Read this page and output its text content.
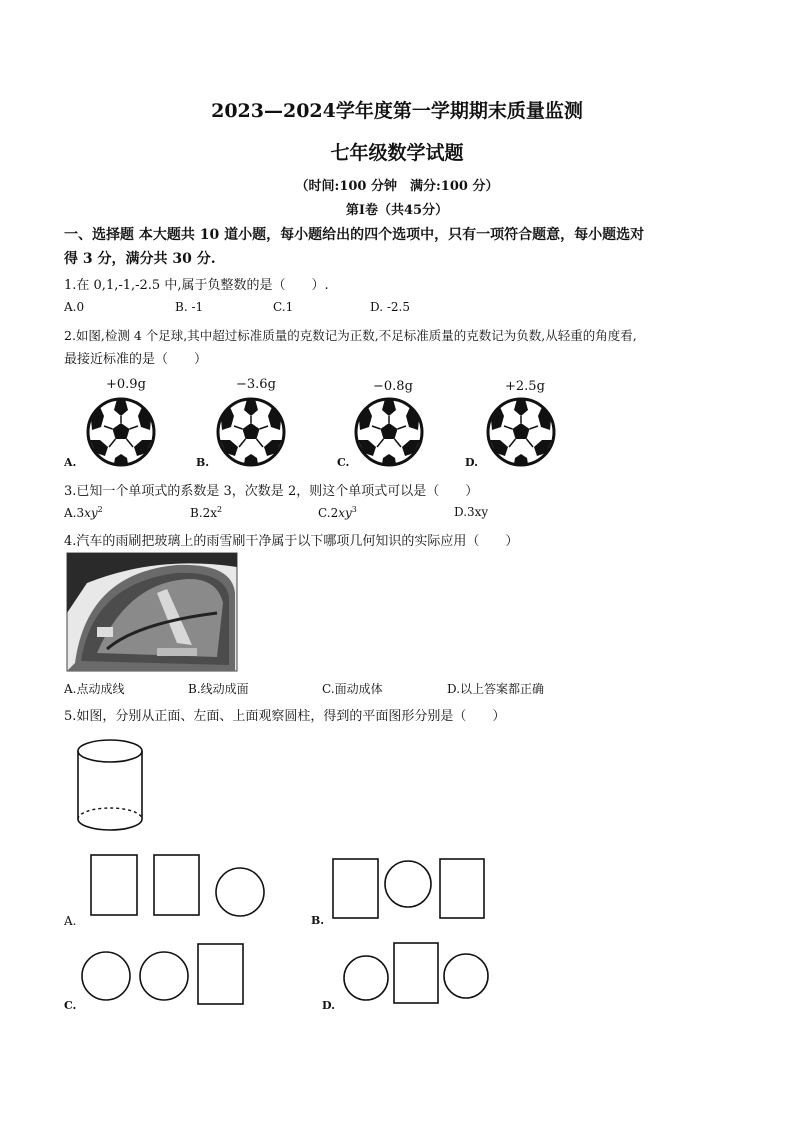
2023—2024学年度第一学期期末质量监测
七年级数学试题
（时间:100 分钟　满分:100 分）
第Ⅰ卷（共45分）
一、选择题 本大题共 10 道小题，每小题给出的四个选项中，只有一项符合题意，每小题选对
得 3 分，满分共 30 分.
1.在 0,1,-1,-2.5 中,属于负整数的是（　　）.
A.0	B. -1	C.1	D. -2.5
2.如图,检测 4 个足球,其中超过标准质量的克数记为正数,不足标准质量的克数记为负数,从轻重的角度看,
最接近标准的是（　　）
+0.9g	−3.6g	−0.8g	+2.5g
A.	B.	C.	D.
3.已知一个单项式的系数是 3，次数是 2，则这个单项式可以是（　　）
$A.3xy^2$	$B.2x^2$	$C.2xy^3$	D.3xy
4.汽车的雨刷把玻璃上的雨雪刷干净属于以下哪项几何知识的实际应用（　　）
A.点动成线	B.线动成面	C.面动成体	D.以上答案都正确
5.如图，分别从正面、左面、上面观察圆柱，得到的平面图形分别是（　　）
A.	B.
C.	D.
